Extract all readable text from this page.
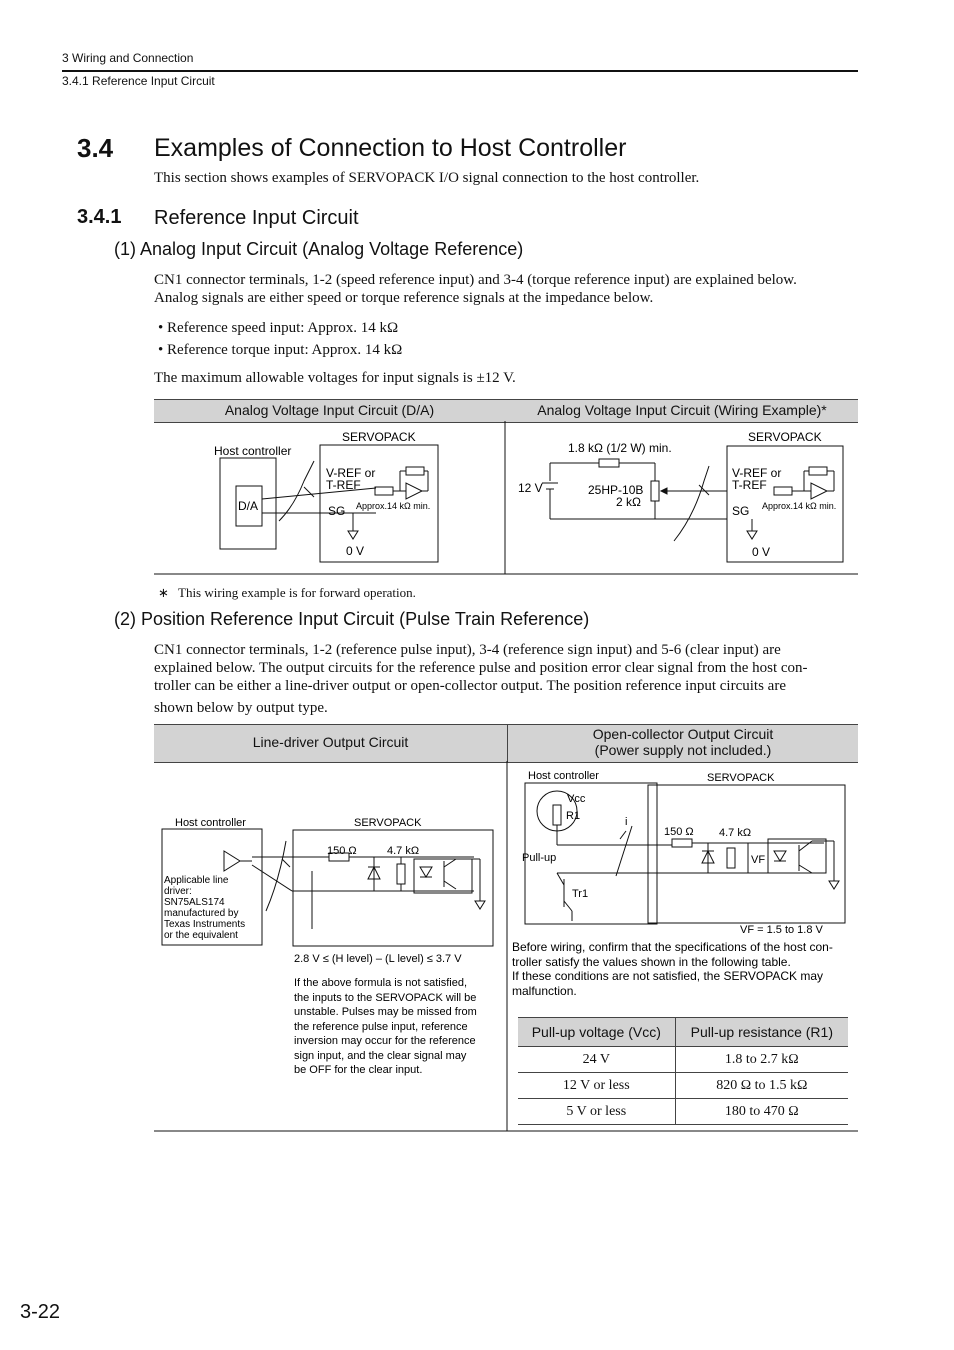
3 Wiring and Connection
3.4.1 Reference Input Circuit
3.4 Examples of Connection to Host Controller
This section shows examples of SERVOPACK I/O signal connection to the host controller.
3.4.1 Reference Input Circuit
(1) Analog Input Circuit (Analog Voltage Reference)
CN1 connector terminals, 1-2 (speed reference input) and 3-4 (torque reference input) are explained below.
Analog signals are either speed or torque reference signals at the impedance below.
• Reference speed input: Approx. 14 kΩ
• Reference torque input: Approx. 14 kΩ
The maximum allowable voltages for input signals is ±12 V.
Analog Voltage Input Circuit (D/A)	Analog Voltage Input Circuit (Wiring Example)*
SERVOPACK
Host controller
D/A
V-REF or
T-REF
SG Approx.14 kΩ min.
0 V
1.8 kΩ (1/2 W) min.
SERVOPACK
12 V	25HP-10B
2 kΩ
V-REF or
T-REF
SG Approx.14 kΩ min.
0 V
∗ This wiring example is for forward operation.
(2) Position Reference Input Circuit (Pulse Train Reference)
CN1 connector terminals, 1-2 (reference pulse input), 3-4 (reference sign input) and 5-6 (clear input) are
explained below. The output circuits for the reference pulse and position error clear signal from the host con-
troller can be either a line-driver output or open-collector output. The position reference input circuits are
shown below by output type.
Line-driver Output Circuit	Open-collector Output Circuit
(Power supply not included.)
Host controller	SERVOPACK
150 Ω	4.7 kΩ
Applicable line
driver:
SN75ALS174
manufactured by
Texas Instruments
or the equivalent
2.8 V ≤ (H level) – (L level) ≤ 3.7 V
If the above formula is not satisfied,
the inputs to the SERVOPACK will be
unstable. Pulses may be missed from
the reference pulse input, reference
inversion may occur for the reference
sign input, and the clear signal may
be OFF for the clear input.
Host controller	SERVOPACK
Vcc
R1	i
150 Ω 4.7 kΩ
VF
Pull-up
Tr1
VF = 1.5 to 1.8 V
Before wiring, confirm that the specifications of the host con-
troller satisfy the values shown in the following table.
If these conditions are not satisfied, the SERVOPACK may
malfunction.
Pull-up voltage (Vcc)	Pull-up resistance (R1)
24 V	1.8 to 2.7 kΩ
12 V or less	820 Ω to 1.5 kΩ
5 V or less	180 to 470 Ω
3-22
